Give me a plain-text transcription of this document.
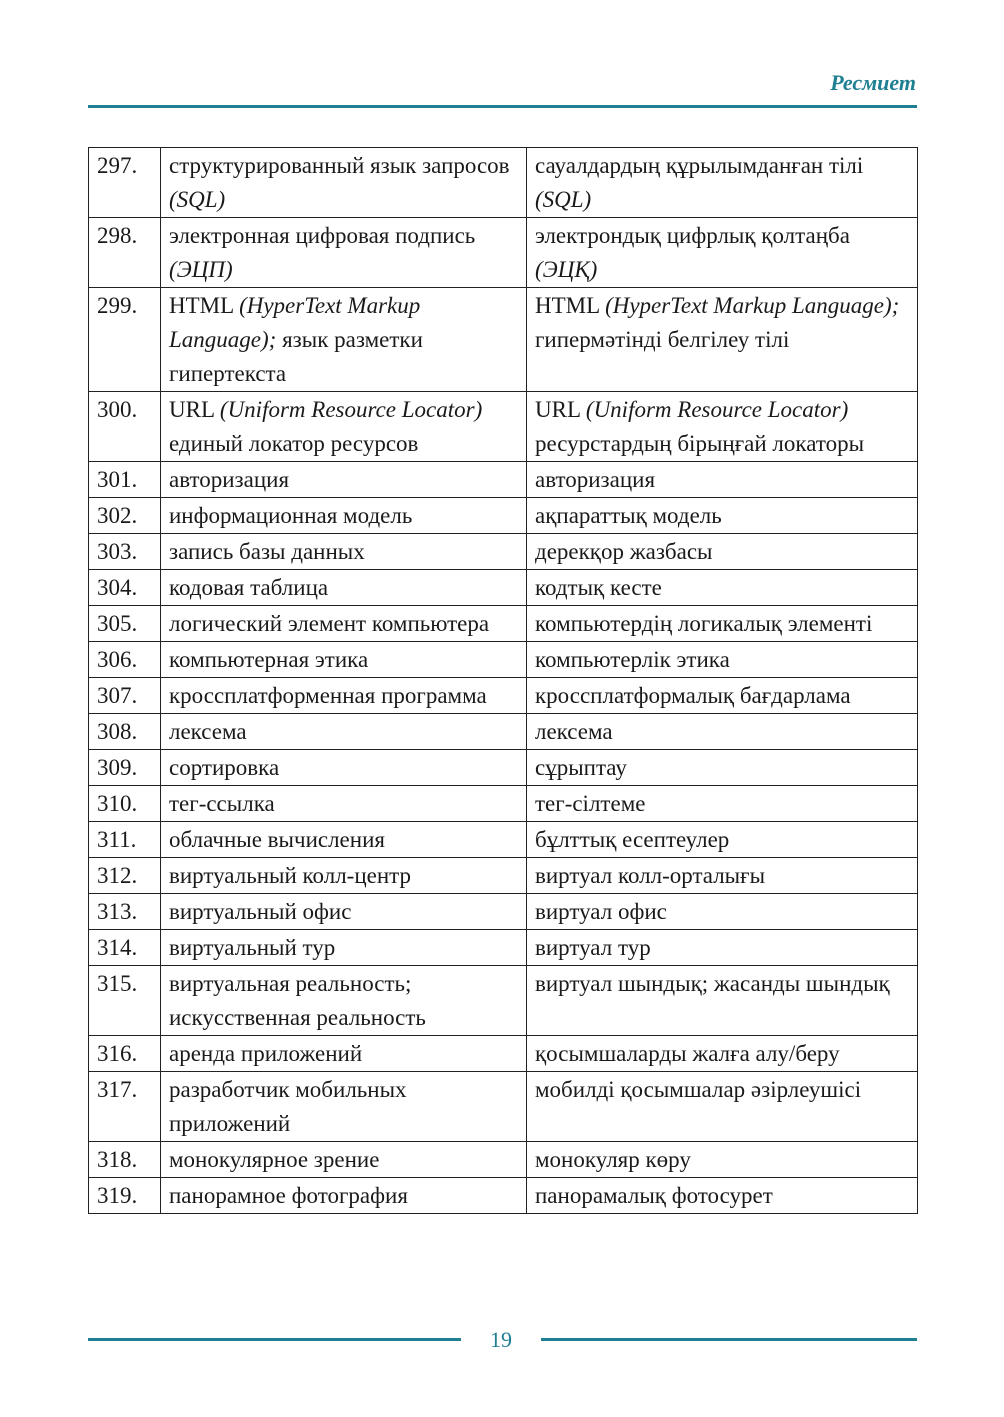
Ресмиет
297.	структурированный язык запросов (SQL)	сауалдардың құрылымданған тілі (SQL)
298.	электронная цифровая подпись (ЭЦП)	электрондық цифрлық қолтаңба (ЭЦҚ)
299.	HTML (HyperText Markup Language); язык разметки гипертекста	HTML (HyperText Markup Language); гипермәтінді белгілеу тілі
300.	URL (Uniform Resource Locator) единый локатор ресурсов	URL (Uniform Resource Locator) ресурстардың бірыңғай локаторы
301.	авторизация	авторизация
302.	информационная модель	ақпараттық модель
303.	запись базы данных	дерекқор жазбасы
304.	кодовая таблица	кодтық кесте
305.	логический элемент компьютера	компьютердің логикалық элементі
306.	компьютерная этика	компьютерлік этика
307.	кроссплатформенная программа	кроссплатформалық бағдарлама
308.	лексема	лексема
309.	сортировка	сұрыптау
310.	тег-ссылка	тег-сілтеме
311.	облачные вычисления	бұлттық есептеулер
312.	виртуальный колл-центр	виртуал колл-орталығы
313.	виртуальный офис	виртуал офис
314.	виртуальный тур	виртуал тур
315.	виртуальная реальность; искусственная реальность	виртуал шындық; жасанды шындық
316.	аренда приложений	қосымшаларды жалға алу/беру
317.	разработчик мобильных приложений	мобилді қосымшалар әзірлеушісі
318.	монокулярное зрение	монокуляр көру
319.	панорамное фотография	панорамалық фотосурет
19
